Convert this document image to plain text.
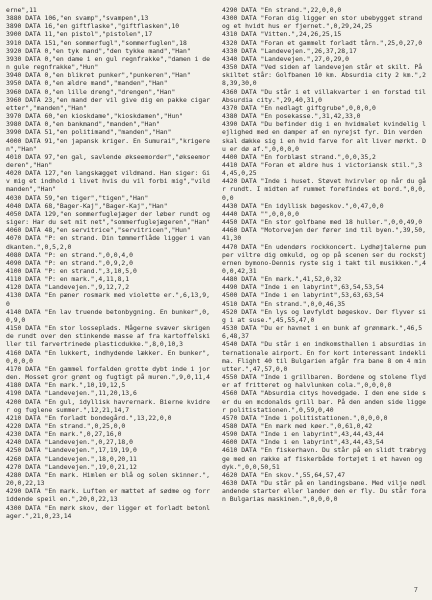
erne",11
3880 DATA 106,"en svamp","svampen",13
3890 DATA 16,"en giftflaske","giftflasken",10
3900 DATA 11,"en pistol","pistolen",17
3910 DATA 151,"en sommerfugl","sommerfuglen",18
3920 DATA 0,"en tyk mand","den tykke mand","Han"
3930 DATA 0,"en dame i en gul regnfrakke","damen i den gule regnfrakke","Hun"
3940 DATA 0,"en blikret punker","punkeren","Han"
3950 DATA 0,"en ældre mand","manden","Han"
3960 DATA 0,"en lille dreng","drengen","Han"
3960 DATA 23,"en mand der vil give dig en pakke cigaretter","manden","Han"
3970 DATA 60,"en kioskdame","kioskdamen","Hun"
3980 DATA 0,"en bankmand","manden","Han"
3990 DATA 51,"en politimand","manden","Han"
4000 DATA 91,"en japansk kriger. En Sumurai","krigeren","Han"
4010 DATA 97,"en gal, savlende økseemorder","økseemorderen","Han"
4020 DATA 127,"en langskægget vildmand. Han siger: Giv mig et indhold i livet hvis du vil forbi mig","vildmanden","Han"
4030 DATA 59,"en tiger","tigen","Han"
4040 DATA 68,"Bager-Kaj","Bager-Kaj","Han"
4050 DATA 129,"en sommerfuglejæger der løber rundt og siger: Har du set mit net","sommerfuglejægeren","Han"
4060 DATA 48,"en servitrice","servitricen","Hun"
4070 DATA "P: en strand. Din tømmerflåde ligger i vandkanten.",0,5,2,0
4080 DATA "P: en strand.",0,0,4,0
4090 DATA "P: en strand.",0,9,2,0
4100 DATA "P: en strand.",3,10,5,0
4110 DATA "P: en mark.",4,11,8,1
4120 DATA "Landevejen.",9,12,7,2
4130 DATA "En pæner rosmark med violette er.",6,13,9,0
4140 DATA "En lav truende betonbygning. En bunker",0,0,9,0
4150 DATA "En stor losseplads. Mågerne svæver skrigende rundt over den stinkende masse af fra kartoffelskiller til farvertrinede plasticdukke.",8,0,10,3
4160 DATA "En lukkert, indhydende lækker. En bunker",0,0,0,0
4170 DATA "En gammel forfalden grotte dybt inde i jorden. Mosset gror grønt og fugtigt på muren.",9,0,11,4
4180 DATA "En mark.",10,19,12,5
4190 DATA "Landevejen.",11,20,13,6
4200 DATA "En gul, idyllisk havrernark. Bierne kvidrer og fuglene summer.",12,21,14,7
4210 DATA "En forladt bondegård.",13,22,0,0
4220 DATA "En strand.",0,25,0,0
4230 DATA "En mark.",0,27,16,0
4240 DATA "Landevejen.",0,27,18,0
4250 DATA "Landevejen.",17,19,19,0
4260 DATA "Landevejen.",18,0,20,11
4270 DATA "Landevejen.",19,0,21,12
4280 DATA "En mark. Himlen er blå og solen skinner.",20,0,22,13
4290 DATA "En mark. Luften er mættet af sødme og forriddende speil en.",20,0,22,13
4300 DATA "En mørk skov, der ligger et forladt betonlager.",21,0,23,14
4290 DATA "En strand.",22,0,0,0
4300 DATA "Foran dig ligger en stor ubebygget strand og et hvidt hus er fjernet.",0,29,24,25
4310 DATA "Vitten.",24,26,25,15
4320 DATA "Foran et gammelt forladt tårn.",25,0,27,0
4330 DATA "Landevejen.",26,37,28,17
4340 DATA "Landevejen.",27,0,29,0
4350 DATA "Ved siden af landevejen står et skilt. På skiltet står: Golfbanen 10 km. Absurdia city 2 km.",28,39,30,0
4360 DATA "Du står i et villakvarter i en forstad til Absurdia city.",29,40,31,0
4370 DATA "En nedlagt giftgrube",0,0,0,0
4380 DATA "En posekasse.",31,42,33,0
4390 DATA "Du befinder dig i en hvidmalet kvindelig lejlighed med en damper af en nyrejst fyr. Din verden skal dække sig i en hvid farve for alt liver mørkt. Du er dø af.",0,0,0,0
4400 DATA "En forblæst strand.",0,0,35,2
4410 DATA "Foran et ældre hus i victoriansk stil.",34,45,0,25
4420 DATA "Inde i huset. Støvet hvirvler op når du går rundt. I midten af rummet forefindes et bord.",0,0,0,0
4430 DATA "En idyllisk bøgeskov.",0,47,0,0
4440 DATA "",0,0,0,0
4450 DATA "En stor golfbane med 18 huller.",0,0,49,0
4460 DATA "Motorvejen der fører ind til byen.",39,50,41,30
4470 DATA "En udendørs rockkoncert. Lydhøjtalerne pumper viltre dig omkuld, og op på scenen ser du rockstjernen bymono-Dennis ryste sig i takt til musikken.",40,0,42,31
4480 DATA "En mark.",41,52,0,32
4490 DATA "Inde i en labyrint",63,54,53,54
4500 DATA "Inde i en labyrint",53,63,63,54
4510 DATA "En strand.",0,0,46,35
4520 DATA "En lys og løvfyldt bøgeskov. Der flyver sig i at suse.",45,55,47,0
4530 DATA "Du er havnet i en bunk af grønmark.",46,56,48,37
4540 DATA "Du står i en indkomsthallen i absurdias internationale airport. En for kort interessant indeklima. Flight 40 til Bulgarien afgår fra bane 8 om 4 minutter.",47,57,0,0
4550 DATA "Inde i grillbaren. Bordene og stolene flyder af fritteret og halvlunken cola.",0,0,0,0
4560 DATA "Absurdia citys hovedgade. I den ene side ser du en mcdonalds grill bar. På den anden side ligger politistationen.",0,59,0,40
4570 DATA "Inde i politistationen.",0,0,0,0
4580 DATA "En mark med køer.",0,61,0,42
4590 DATA "Inde i en labyrint",43,44,43,44
4600 DATA "Inde i en labyrint",43,44,43,54
4610 DATA "En fiskerhavn. Du står på en slidt træbrygge med en række af fiskerbåde fortøjet i et haven og dyk.",0,0,50,51
4620 DATA "En skov.",55,64,57,47
4630 DATA "Du står på en landingsbane. Med vilje nødlandende starter eller lander den er fly. Du står foran Bulgarias maskinen.",0,0,0,0
7
